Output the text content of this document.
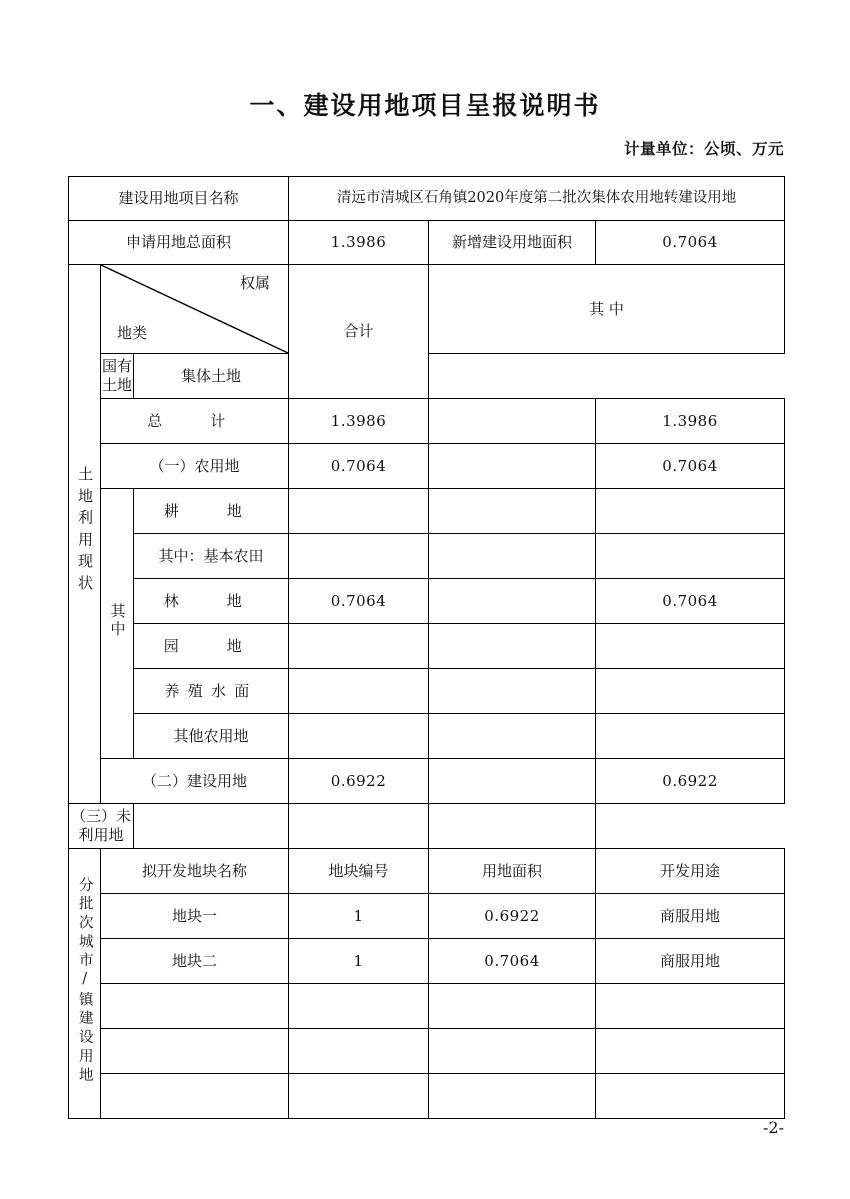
一、建设用地项目呈报说明书
计量单位：公顷、万元
建设用地项目名称			清远市清城区石角镇2020年度第二批次集体农用地转建设用地		
申请用地总面积			1.3986	新增建设用地面积	0.7064
土地利用现状	权属
地类		合计	其 中	
	国有土地	集体土地			
	总　计		1.3986		1.3986
	（一）农用地		0.7064		0.7064
	其中	耕　地			
		其中：基本农田			
		林　地	0.7064		0.7064
		园　地			
		养殖水面			
		其他农用地			
	（二）建设用地		0.6922		0.6922
（三）未利用地					
分批次城市/镇建设用地	拟开发地块名称		地块编号	用地面积	开发用途
	地块一		1	0.6922	商服用地
	地块二		1	0.7064	商服用地

-2-
